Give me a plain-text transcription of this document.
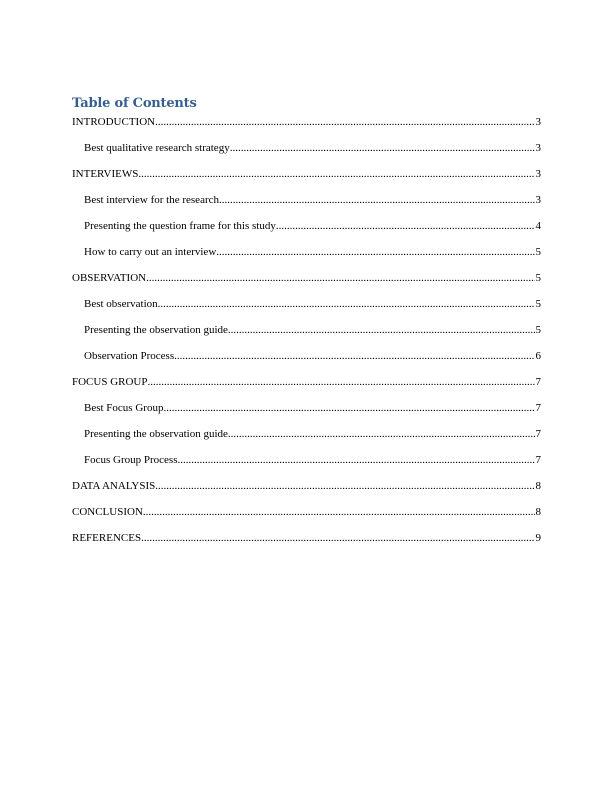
Table of Contents
INTRODUCTION .....	3
Best qualitative research strategy .....	3
INTERVIEWS .....	3
Best interview for the research .....	3
Presenting the question frame for this study .....	4
How to carry out an interview .....	5
OBSERVATION .....	5
Best observation .....	5
Presenting the observation guide .....	5
Observation Process .....	6
FOCUS GROUP .....	7
Best Focus Group .....	7
Presenting the observation guide .....	7
Focus Group Process .....	7
DATA ANALYSIS .....	8
CONCLUSION .....	8
REFERENCES .....	9
